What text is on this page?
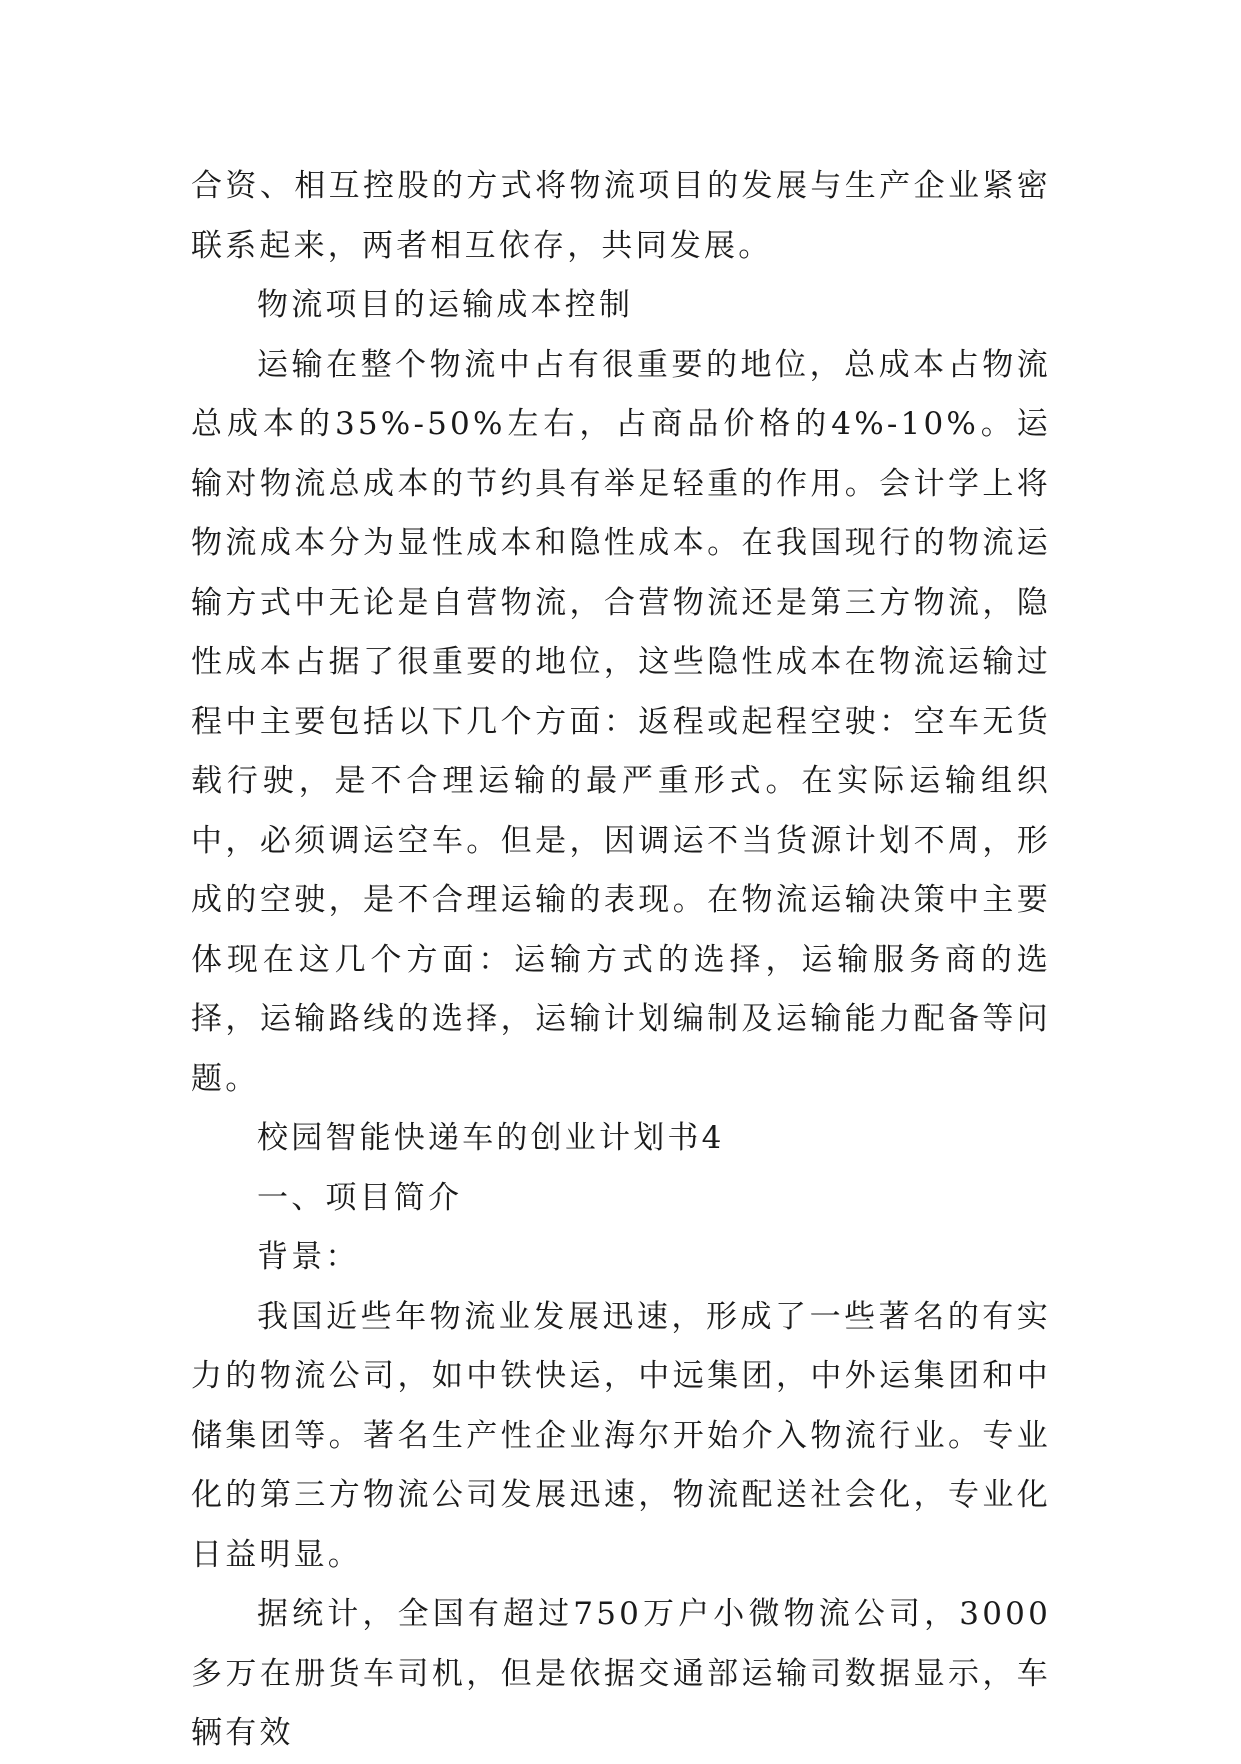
合资、相互控股的方式将物流项目的发展与生产企业紧密联系起来，两者相互依存，共同发展。

物流项目的运输成本控制

运输在整个物流中占有很重要的地位，总成本占物流总成本的35%-50%左右，占商品价格的4%-10%。运输对物流总成本的节约具有举足轻重的作用。会计学上将物流成本分为显性成本和隐性成本。在我国现行的物流运输方式中无论是自营物流，合营物流还是第三方物流，隐性成本占据了很重要的地位，这些隐性成本在物流运输过程中主要包括以下几个方面：返程或起程空驶：空车无货载行驶，是不合理运输的最严重形式。在实际运输组织中，必须调运空车。但是，因调运不当货源计划不周，形成的空驶，是不合理运输的表现。在物流运输决策中主要体现在这几个方面：运输方式的选择，运输服务商的选择，运输路线的选择，运输计划编制及运输能力配备等问题。

校园智能快递车的创业计划书4

一、项目简介

背景：

我国近些年物流业发展迅速，形成了一些著名的有实力的物流公司，如中铁快运，中远集团，中外运集团和中储集团等。著名生产性企业海尔开始介入物流行业。专业化的第三方物流公司发展迅速，物流配送社会化，专业化日益明显。

据统计，全国有超过750万户小微物流公司，3000多万在册货车司机，但是依据交通部运输司数据显示，车辆有效
